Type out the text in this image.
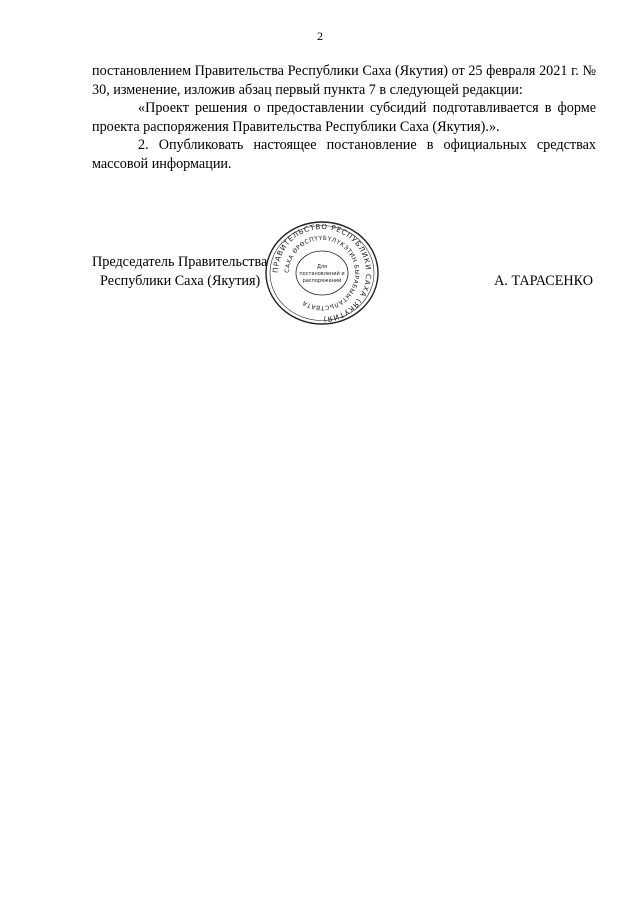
2

постановлением Правительства Республики Саха (Якутия) от 25 февраля 2021 г. № 30, изменение, изложив абзац первый пункта 7 в следующей редакции:

«Проект решения о предоставлении субсидий подготавливается в форме проекта распоряжения Правительства Республики Саха (Якутия).».

2. Опубликовать настоящее постановление в официальных средствах массовой информации.

Председатель Правительства
Республики Саха (Якутия)	А. ТАРАСЕНКО
ПРАВИТЕЛЬСТВО РЕСПУБЛИКИ САХА (ЯКУТИЯ)
САХА ӨРӨСПҮҮБҮЛҮКЭТИН БЫРАБЫЫТАЛЬСТВАТА
Для
постановлений и
распоряжений
